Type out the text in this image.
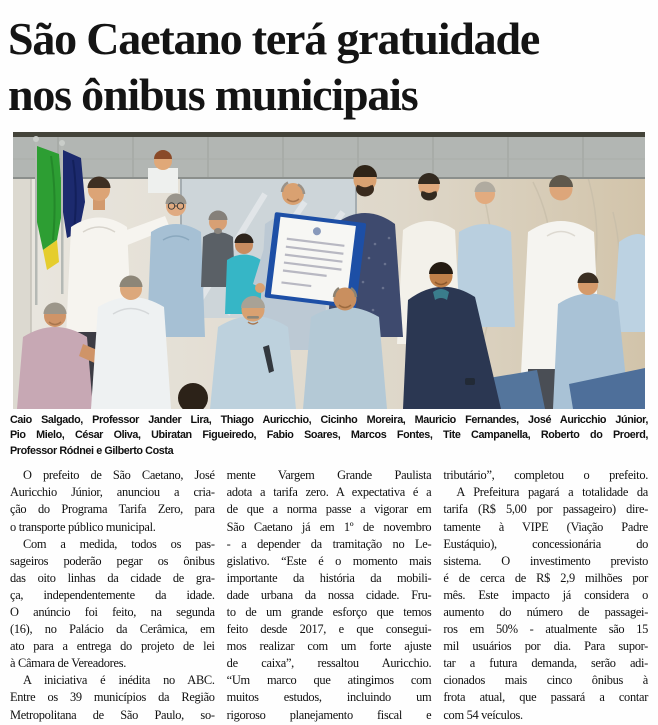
São Caetano terá gratuidade
nos ônibus municipais
Caio Salgado, Professor Jander Lira, Thiago Auricchio, Cicinho Moreira, Mauricio Fernandes, José Auricchio Júnior,
Pio Mielo, César Oliva, Ubiratan Figueiredo, Fabio Soares, Marcos Fontes, Tite Campanella, Roberto do Proerd,
Professor Ródnei e Gilberto Costa
O prefeito de São Caetano, José
Auricchio Júnior, anunciou a cria-
ção do Programa Tarifa Zero, para
o transporte público municipal.
Com a medida, todos os pas-
sageiros poderão pegar os ônibus
das oito linhas da cidade de gra-
ça, independentemente da idade.
O anúncio foi feito, na segunda
(16), no Palácio da Cerâmica, em
ato para a entrega do projeto de lei
à Câmara de Vereadores.
A iniciativa é inédita no ABC.
Entre os 39 municípios da Região
Metropolitana de São Paulo, so-
mente Vargem Grande Paulista
adota a tarifa zero. A expectativa é a
de que a norma passe a vigorar em
São Caetano já em 1º de novembro
- a depender da tramitação no Le-
gislativo. “Este é o momento mais
importante da história da mobili-
dade urbana da nossa cidade. Fru-
to de um grande esforço que temos
feito desde 2017, e que consegui-
mos realizar com um forte ajuste
de caixa”, ressaltou Auricchio.
“Um marco que atingimos com
muitos estudos, incluindo um
rigoroso planejamento fiscal e
tributário”, completou o prefeito.
A Prefeitura pagará a totalidade da
tarifa (R$ 5,00 por passageiro) dire-
tamente à VIPE (Viação Padre
Eustáquio), concessionária do
sistema. O investimento previsto
é de cerca de R$ 2,9 milhões por
mês. Este impacto já considera o
aumento do número de passagei-
ros em 50% - atualmente são 15
mil usuários por dia. Para supor-
tar a futura demanda, serão adi-
cionados mais cinco ônibus à
frota atual, que passará a contar
com 54 veículos.
